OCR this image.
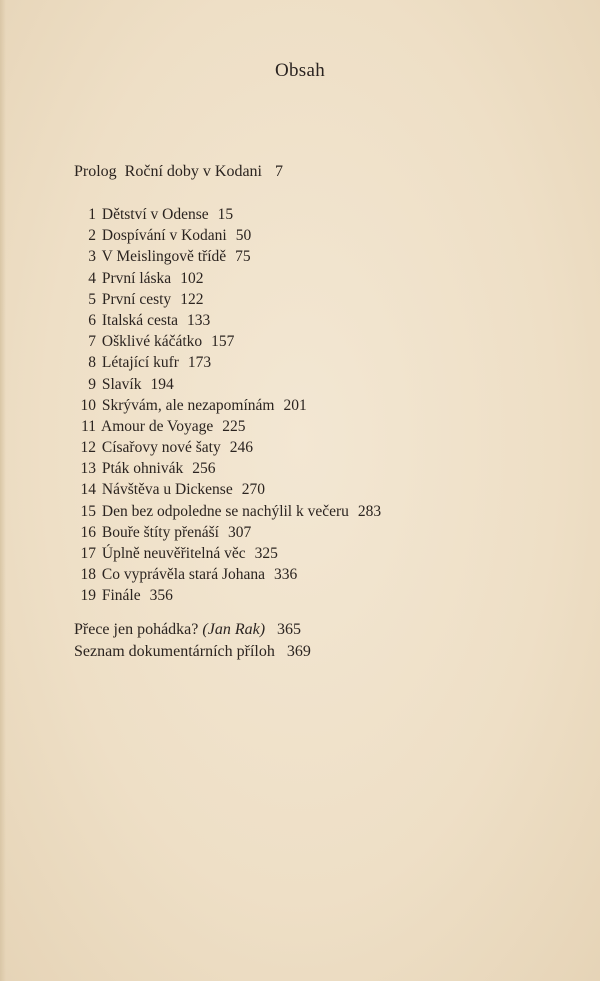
Obsah
Prolog Roční doby v Kodani 7
1 Dětství v Odense 15
2 Dospívání v Kodani 50
3 V Meislingově třídě 75
4 První láska 102
5 První cesty 122
6 Italská cesta 133
7 Ošklivé káčátko 157
8 Létající kufr 173
9 Slavík 194
10 Skrývám, ale nezapomínám 201
11 Amour de Voyage 225
12 Císařovy nové šaty 246
13 Pták ohnivák 256
14 Návštěva u Dickense 270
15 Den bez odpoledne se nachýlil k večeru 283
16 Bouře štíty přenáší 307
17 Úplně neuvěřitelná věc 325
18 Co vyprávěla stará Johana 336
19 Finále 356
Přece jen pohádka? (Jan Rak) 365
Seznam dokumentárních příloh 369
